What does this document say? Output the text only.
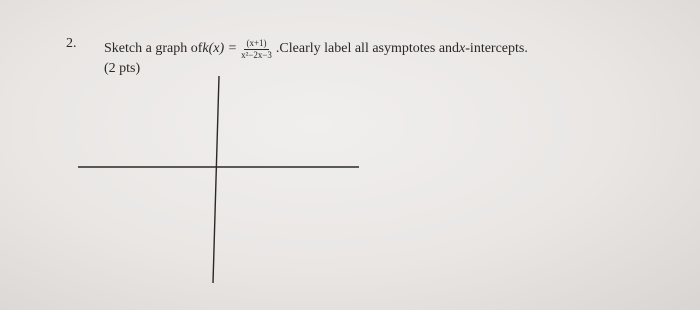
2. Sketch a graph of $k(x) = \frac{(x+1)}{\text{x²−2x−3}}$ . Clearly label all asymptotes and x -intercepts.
(2 pts)
